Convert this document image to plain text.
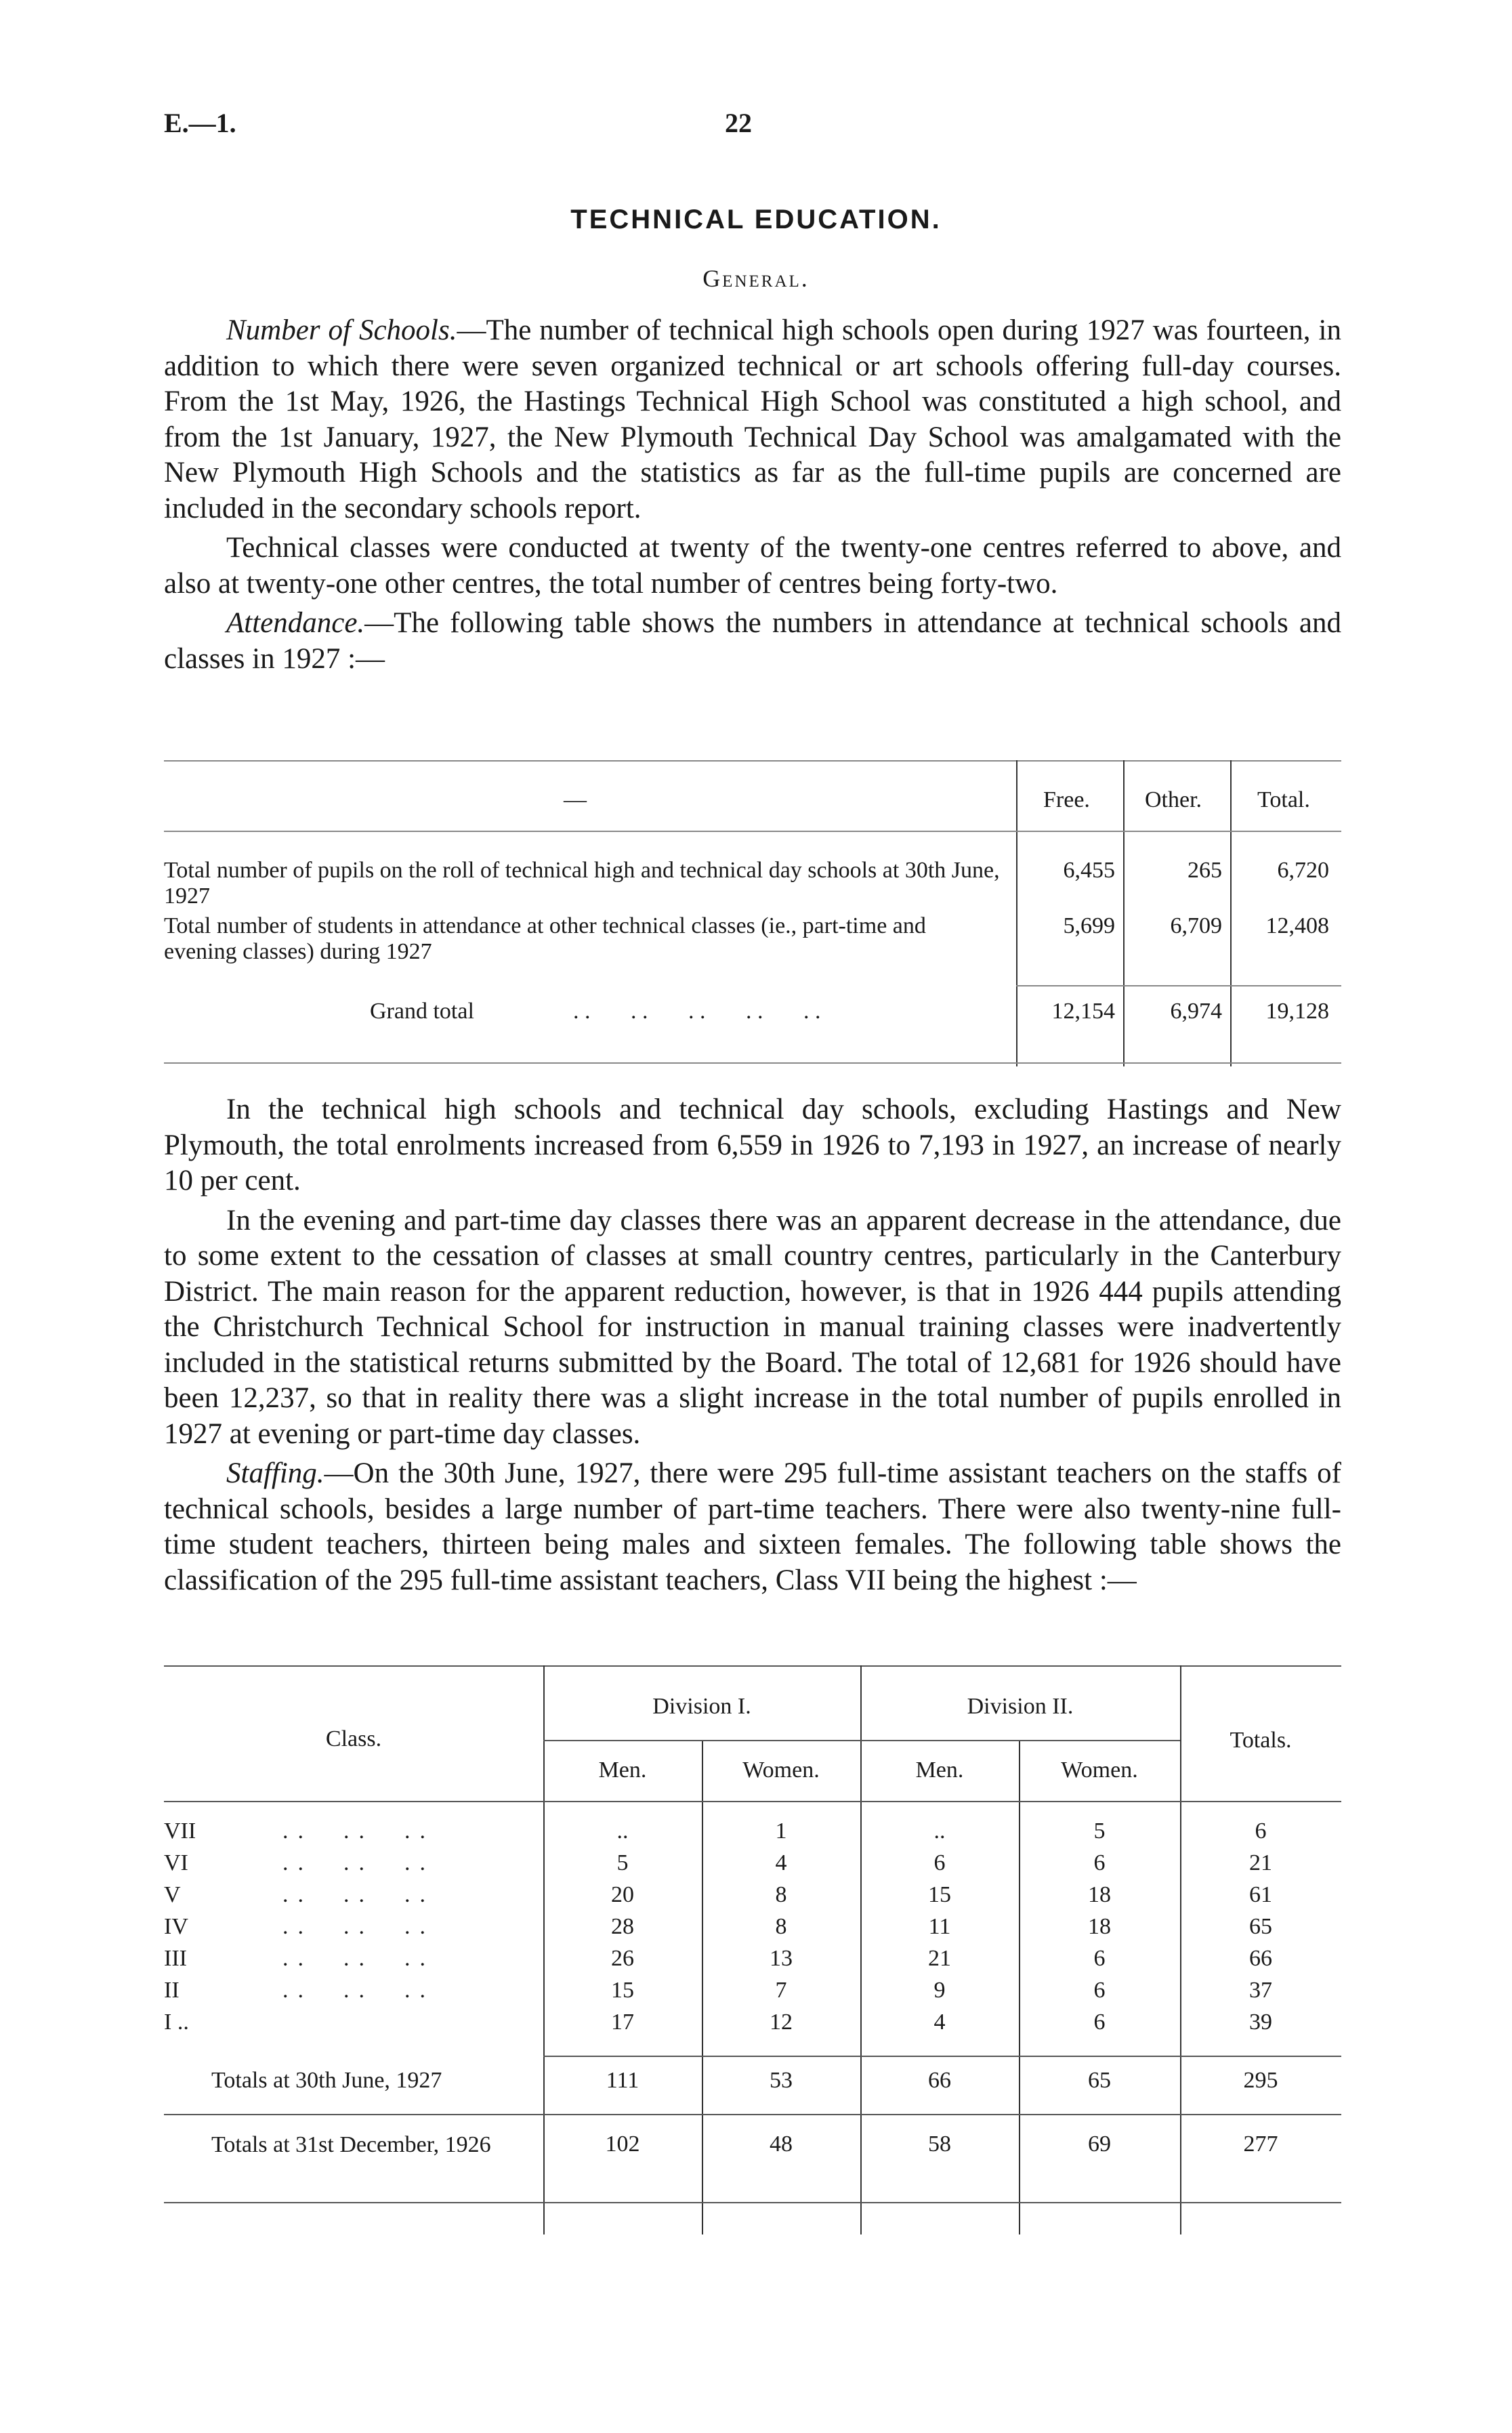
E.—1.	22
TECHNICAL EDUCATION.
General.

Number of Schools.—The number of technical high schools open during 1927 was fourteen, in addition to which there were seven organized technical or art schools offering full-day courses. From the 1st May, 1926, the Hastings Technical High School was constituted a high school, and from the 1st January, 1927, the New Plymouth Technical Day School was amalgamated with the New Plymouth High Schools and the statistics as far as the full-time pupils are concerned are included in the secondary schools report.

Technical classes were conducted at twenty of the twenty-one centres referred to above, and also at twenty-one other centres, the total number of centres being forty-two.

Attendance.—The following table shows the numbers in attendance at technical schools and classes in 1927 :—

—	Free. Other. Total.
Total number of pupils on the roll of technical high and technical day schools at 30th June, 1927
6,455	265	6,720
Total number of students in attendance at other technical classes (ie., part-time and evening classes) during 1927
5,699	6,709	12,408
Grand total	. .       . .       . .       . .       . .	12,154	6,974	19,128

In the technical high schools and technical day schools, excluding Hastings and New Plymouth, the total enrolments increased from 6,559 in 1926 to 7,193 in 1927, an increase of nearly 10 per cent.

In the evening and part-time day classes there was an apparent decrease in the attendance, due to some extent to the cessation of classes at small country centres, particularly in the Canterbury District. The main reason for the apparent reduction, however, is that in 1926 444 pupils attending the Christchurch Technical School for instruction in manual training classes were inadvertently included in the statistical returns submitted by the Board. The total of 12,681 for 1926 should have been 12,237, so that in reality there was a slight increase in the total number of pupils enrolled in 1927 at evening or part-time day classes.

Staffing.—On the 30th June, 1927, there were 295 full-time assistant teachers on the staffs of technical schools, besides a large number of part-time teachers. There were also twenty-nine full-time student teachers, thirteen being males and sixteen females. The following table shows the classification of the 295 full-time assistant teachers, Class VII being the highest :—

Class.
Division I.	Division II.
Totals.
Men.	Women.	Men.	Women.
VII	..  ..  ..	..	1	..	5	6
VI	..  ..  ..	5	4	6	6	21
V	..  ..  ..	20	8	15	18	61
IV	..  ..  ..	28	8	11	18	65
III	..  ..  ..	26	13	21	6	66
II	..  ..  ..	15	7	9	6	37
I ..	17	12	4	6	39
Totals at 30th June, 1927	111	53	66	65	295
Totals at 31st December, 1926	102	48	58	69	277
